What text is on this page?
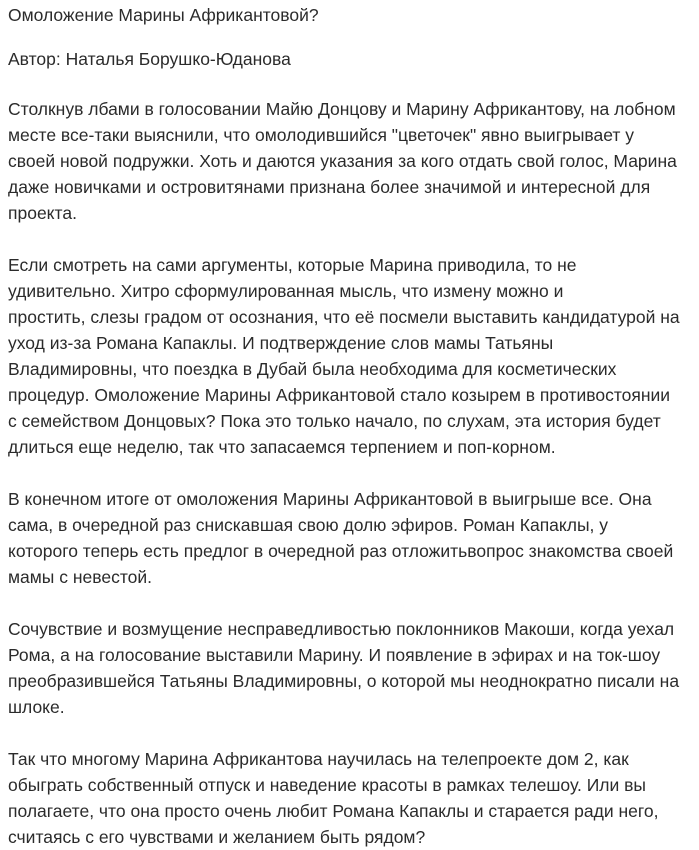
Омоложение Марины Африкантовой?
Автор: Наталья Борушко-Юданова

Столкнув лбами в голосовании Майю Донцову и Марину Африкантову, на лобном
месте все-таки выяснили, что омолодившийся "цветочек" явно выигрывает у
своей новой подружки. Хоть и даются указания за кого отдать свой голос, Марина
даже новичками и островитянами признана более значимой и интересной для
проекта.

Если смотреть на сами аргументы, которые Марина приводила, то не
удивительно. Хитро сформулированная мысль, что измену можно и
простить, слезы градом от осознания, что её посмели выставить кандидатурой на
уход из-за Романа Капаклы. И подтверждение слов мамы Татьяны
Владимировны, что поездка в Дубай была необходима для косметических
процедур. Омоложение Марины Африкантовой стало козырем в противостоянии
с семейством Донцовых? Пока это только начало, по слухам, эта история будет
длиться еще неделю, так что запасаемся терпением и поп-корном.

В конечном итоге от омоложения Марины Африкантовой в выигрыше все. Она
сама, в очередной раз снискавшая свою долю эфиров. Роман Капаклы, у
которого теперь есть предлог в очередной раз отложитьвопрос знакомства своей
мамы с невестой.

Сочувствие и возмущение несправедливостью поклонников Макоши, когда уехал
Рома, а на голосование выставили Марину. И появление в эфирах и на ток-шоу
преобразившейся Татьяны Владимировны, о которой мы неоднократно писали на
шлоке.

Так что многому Марина Африкантова научилась на телепроекте дом 2, как
обыграть собственный отпуск и наведение красоты в рамках телешоу. Или вы
полагаете, что она просто очень любит Романа Капаклы и старается ради него,
считаясь с его чувствами и желанием быть рядом?
